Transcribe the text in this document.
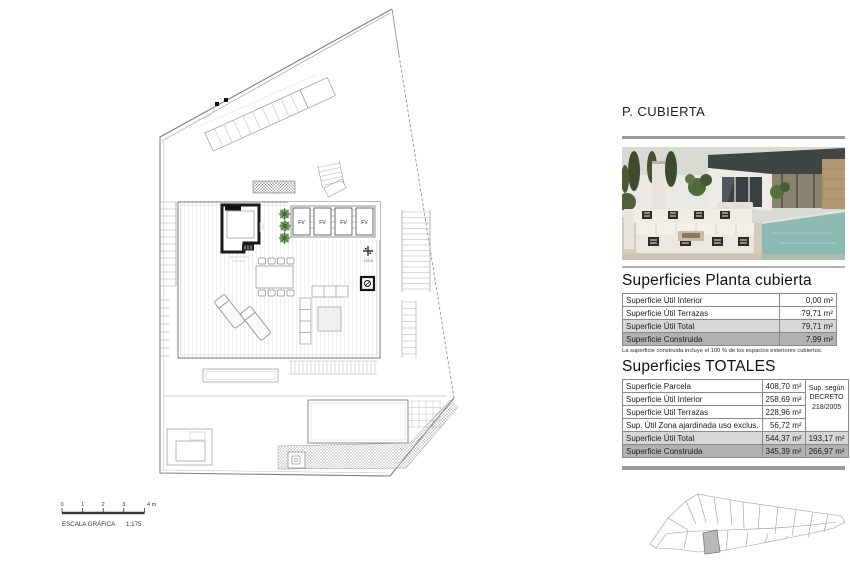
FV	FV	FV	FV
+22.6
0	1	2	3	4 m
ESCALA GRÁFICA 1:175
P. CUBIERTA
Superficies Planta cubierta
Superficie Útil Interior	0,00 m²
Superficie Útil Terrazas	79,71 m²
Superficie Útil Total	79,71 m²
Superficie Construida	7,99 m²
La superficie construida incluye el 100 % de los espacios exteriores cubiertos.
Superficies TOTALES
Superficie Parcela	408,70 m²	Sup. según DECRETO 218/2005
Superficie Útil Interior	258,69 m²	
Superficie Útil Terrazas	228,96 m²	
Sup. Útil Zona ajardinada uso exclus.	56,72 m²	
Superficie Útil Total	544,37 m²	193,17 m²
Superficie Construida	345,39 m²	266,97 m²
